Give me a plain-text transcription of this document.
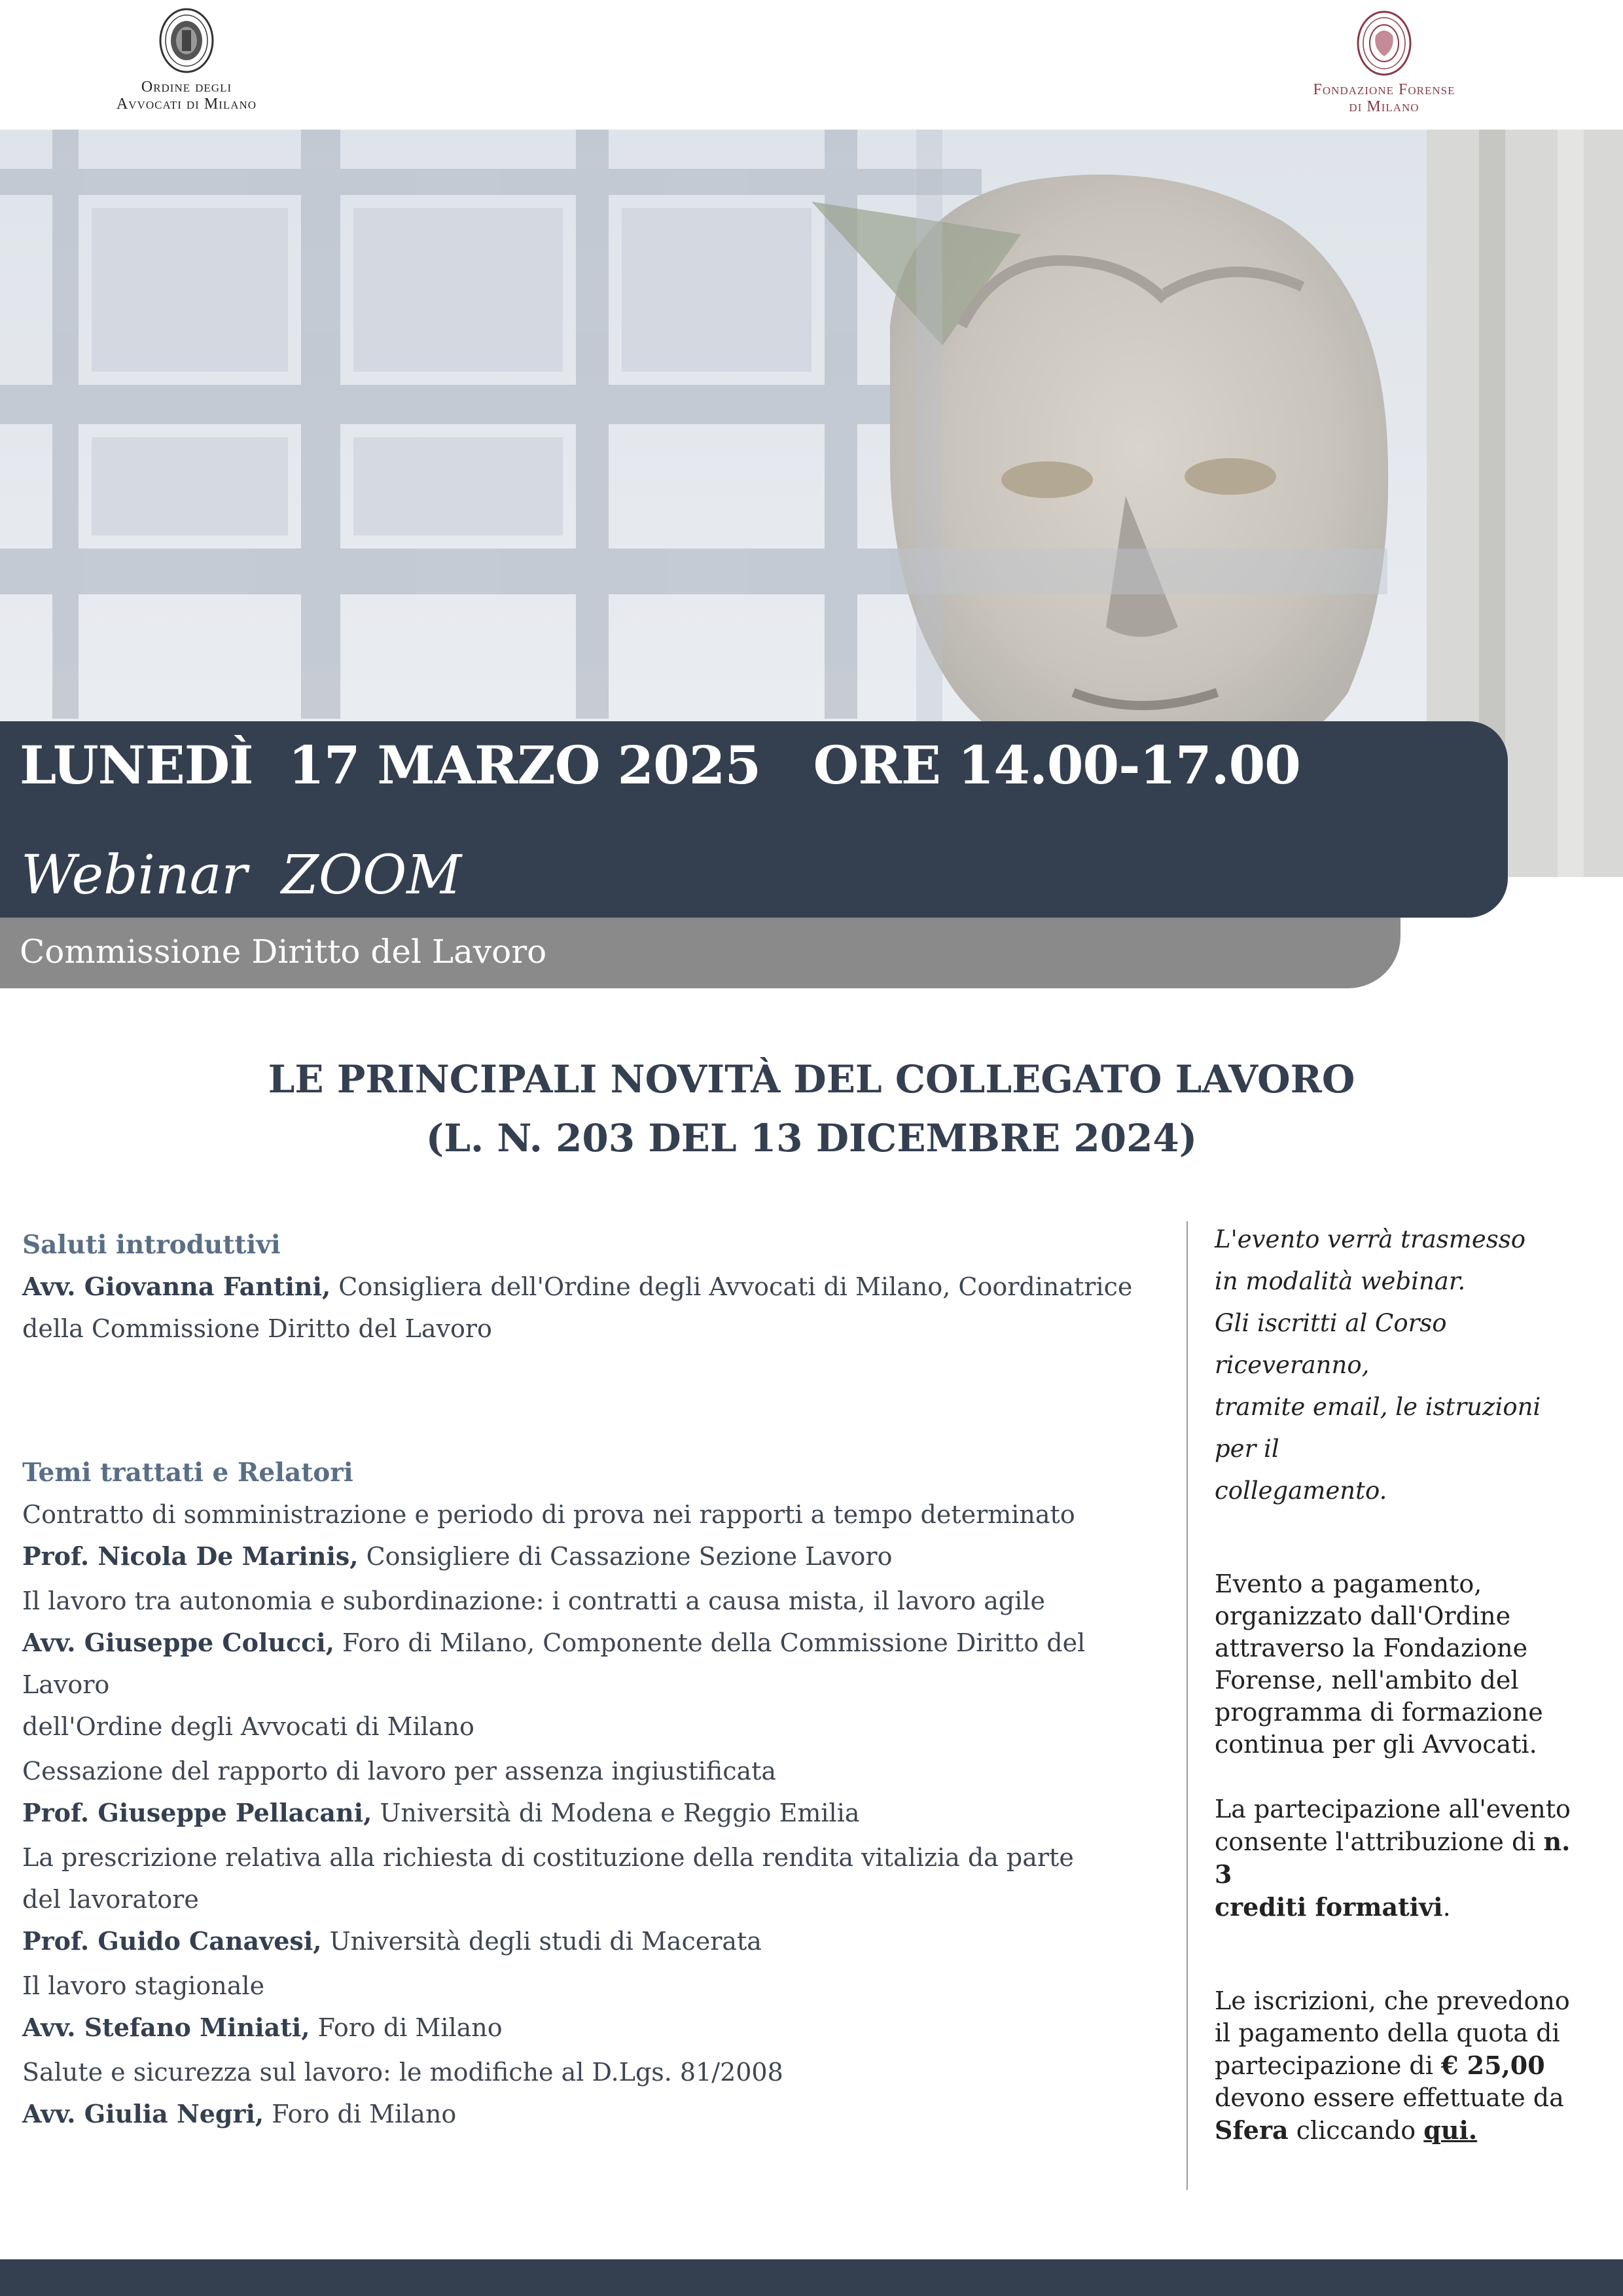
Ordine degli
Avvocati di Milano
Fondazione Forense
di Milano
LUNEDÌ  17 MARZO 2025   ORE 14.00-17.00
Webinar  ZOOM
Commissione Diritto del Lavoro
LE PRINCIPALI NOVITÀ DEL COLLEGATO LAVORO
(L. N. 203 DEL 13 DICEMBRE 2024)
Saluti introduttivi
Avv. Giovanna Fantini, Consigliera dell'Ordine degli Avvocati di Milano, Coordinatrice
della Commissione Diritto del Lavoro
Temi trattati e Relatori
Contratto di somministrazione e periodo di prova nei rapporti a tempo determinato
Prof. Nicola De Marinis, Consigliere di Cassazione Sezione Lavoro
Il lavoro tra autonomia e subordinazione: i contratti a causa mista, il lavoro agile
Avv. Giuseppe Colucci, Foro di Milano, Componente della Commissione Diritto del Lavoro
dell'Ordine degli Avvocati di Milano
Cessazione del rapporto di lavoro per assenza ingiustificata
Prof. Giuseppe Pellacani, Università di Modena e Reggio Emilia
La prescrizione relativa alla richiesta di costituzione della rendita vitalizia da parte
del lavoratore
Prof. Guido Canavesi, Università degli studi di Macerata
Il lavoro stagionale
Avv. Stefano Miniati, Foro di Milano
Salute e sicurezza sul lavoro: le modifiche al D.Lgs. 81/2008
Avv. Giulia Negri, Foro di Milano
L'evento verrà trasmesso
in modalità webinar.
Gli iscritti al Corso riceveranno,
tramite email, le istruzioni per il
collegamento.
Evento a pagamento,
organizzato dall'Ordine
attraverso la Fondazione
Forense, nell'ambito del
programma di formazione
continua per gli Avvocati.
La partecipazione all'evento
consente l'attribuzione di n. 3
crediti formativi.
Le iscrizioni, che prevedono
il pagamento della quota di
partecipazione di € 25,00
devono essere effettuate da
Sfera cliccando qui.
